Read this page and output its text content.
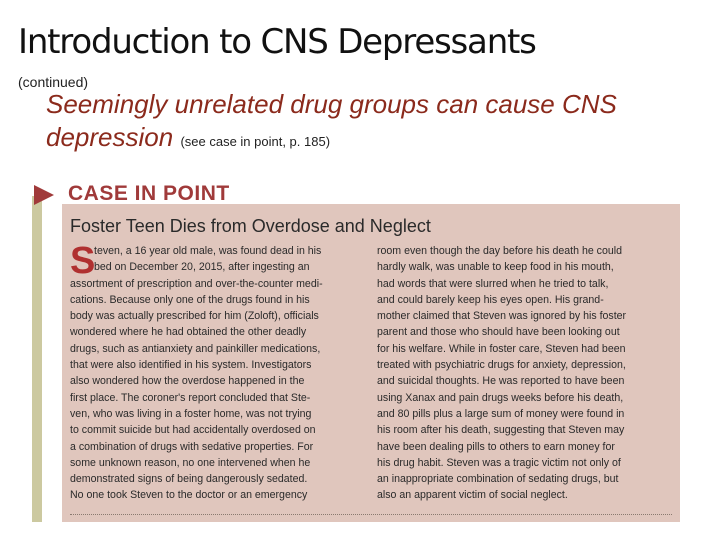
Introduction to CNS Depressants
(continued)
Seemingly unrelated drug groups can cause CNS depression (see case in point, p. 185)
CASE IN POINT
Foster Teen Dies from Overdose and Neglect
S
teven, a 16 year old male, was found dead in his
bed on December 20, 2015, after ingesting an
assortment of prescription and over-the-counter medi-
cations. Because only one of the drugs found in his
body was actually prescribed for him (Zoloft), officials
wondered where he had obtained the other deadly
drugs, such as antianxiety and painkiller medications,
that were also identified in his system. Investigators
also wondered how the overdose happened in the
first place. The coroner's report concluded that Ste-
ven, who was living in a foster home, was not trying
to commit suicide but had accidentally overdosed on
a combination of drugs with sedative properties. For
some unknown reason, no one intervened when he
demonstrated signs of being dangerously sedated.
No one took Steven to the doctor or an emergency
room even though the day before his death he could
hardly walk, was unable to keep food in his mouth,
had words that were slurred when he tried to talk,
and could barely keep his eyes open. His grand-
mother claimed that Steven was ignored by his foster
parent and those who should have been looking out
for his welfare. While in foster care, Steven had been
treated with psychiatric drugs for anxiety, depression,
and suicidal thoughts. He was reported to have been
using Xanax and pain drugs weeks before his death,
and 80 pills plus a large sum of money were found in
his room after his death, suggesting that Steven may
have been dealing pills to others to earn money for
his drug habit. Steven was a tragic victim not only of
an inappropriate combination of sedating drugs, but
also an apparent victim of social neglect.
